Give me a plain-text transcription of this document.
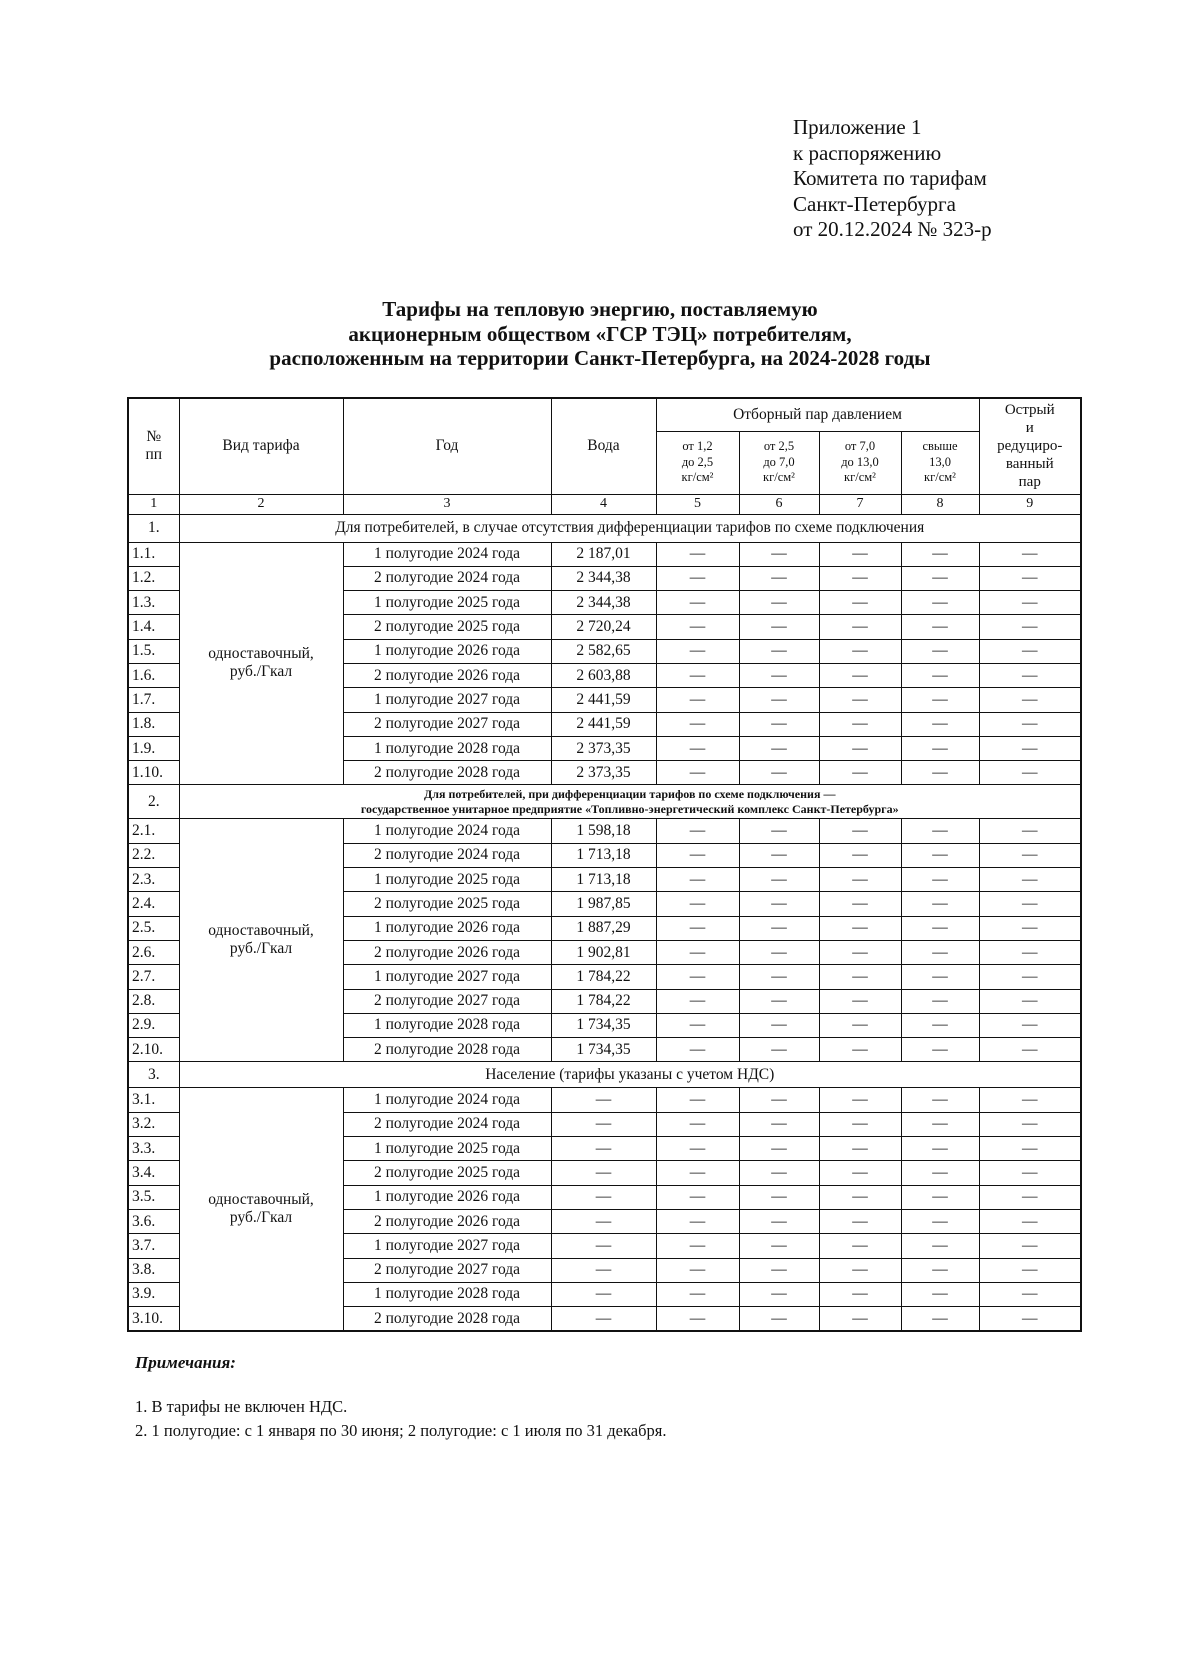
Приложение 1
к распоряжению
Комитета по тарифам
Санкт-Петербурга
от 20.12.2024 № 323-р
Тарифы на тепловую энергию, поставляемую
акционерным обществом «ГСР ТЭЦ» потребителям,
расположенным на территории Санкт-Петербурга, на 2024-2028 годы
№
пп	Вид тарифа	Год	Вода	Отборный пар давлением				Острый
и
редуциро-
ванный
пар

				от 1,2
до 2,5
кг/см²	от 2,5
до 7,0
кг/см²	от 7,0
до 13,0
кг/см²	свыше
13,0
кг/см²	

1	2	3	4	5	6	7	8	9
1.	Для потребителей, в случае отсутствия дифференциации тарифов по схеме подключения							

1.1.	одноставочный,
руб./Гкал	1 полугодие 2024 года	2 187,01	—	—	—	—	—
1.2.		2 полугодие 2024 года	2 344,38	—	—	—	—	—
1.3.		1 полугодие 2025 года	2 344,38	—	—	—	—	—
1.4.		2 полугодие 2025 года	2 720,24	—	—	—	—	—
1.5.		1 полугодие 2026 года	2 582,65	—	—	—	—	—
1.6.		2 полугодие 2026 года	2 603,88	—	—	—	—	—
1.7.		1 полугодие 2027 года	2 441,59	—	—	—	—	—
1.8.		2 полугодие 2027 года	2 441,59	—	—	—	—	—
1.9.		1 полугодие 2028 года	2 373,35	—	—	—	—	—
1.10.		2 полугодие 2028 года	2 373,35	—	—	—	—	—
2.	Для потребителей, при дифференциации тарифов по схеме подключения —
государственное унитарное предприятие «Топливно-энергетический комплекс Санкт-Петербурга»							

2.1.	одноставочный,
руб./Гкал	1 полугодие 2024 года	1 598,18	—	—	—	—	—
2.2.		2 полугодие 2024 года	1 713,18	—	—	—	—	—
2.3.		1 полугодие 2025 года	1 713,18	—	—	—	—	—
2.4.		2 полугодие 2025 года	1 987,85	—	—	—	—	—
2.5.		1 полугодие 2026 года	1 887,29	—	—	—	—	—
2.6.		2 полугодие 2026 года	1 902,81	—	—	—	—	—
2.7.		1 полугодие 2027 года	1 784,22	—	—	—	—	—
2.8.		2 полугодие 2027 года	1 784,22	—	—	—	—	—
2.9.		1 полугодие 2028 года	1 734,35	—	—	—	—	—
2.10.		2 полугодие 2028 года	1 734,35	—	—	—	—	—
3.	Население (тарифы указаны с учетом НДС)							

3.1.	одноставочный,
руб./Гкал	1 полугодие 2024 года	—	—	—	—	—	—
3.2.		2 полугодие 2024 года	—	—	—	—	—	—
3.3.		1 полугодие 2025 года	—	—	—	—	—	—
3.4.		2 полугодие 2025 года	—	—	—	—	—	—
3.5.		1 полугодие 2026 года	—	—	—	—	—	—
3.6.		2 полугодие 2026 года	—	—	—	—	—	—
3.7.		1 полугодие 2027 года	—	—	—	—	—	—
3.8.		2 полугодие 2027 года	—	—	—	—	—	—
3.9.		1 полугодие 2028 года	—	—	—	—	—	—
3.10.		2 полугодие 2028 года	—	—	—	—	—	—
Примечания:
1. В тарифы не включен НДС.
2. 1 полугодие: с 1 января по 30 июня; 2 полугодие: с 1 июля по 31 декабря.
